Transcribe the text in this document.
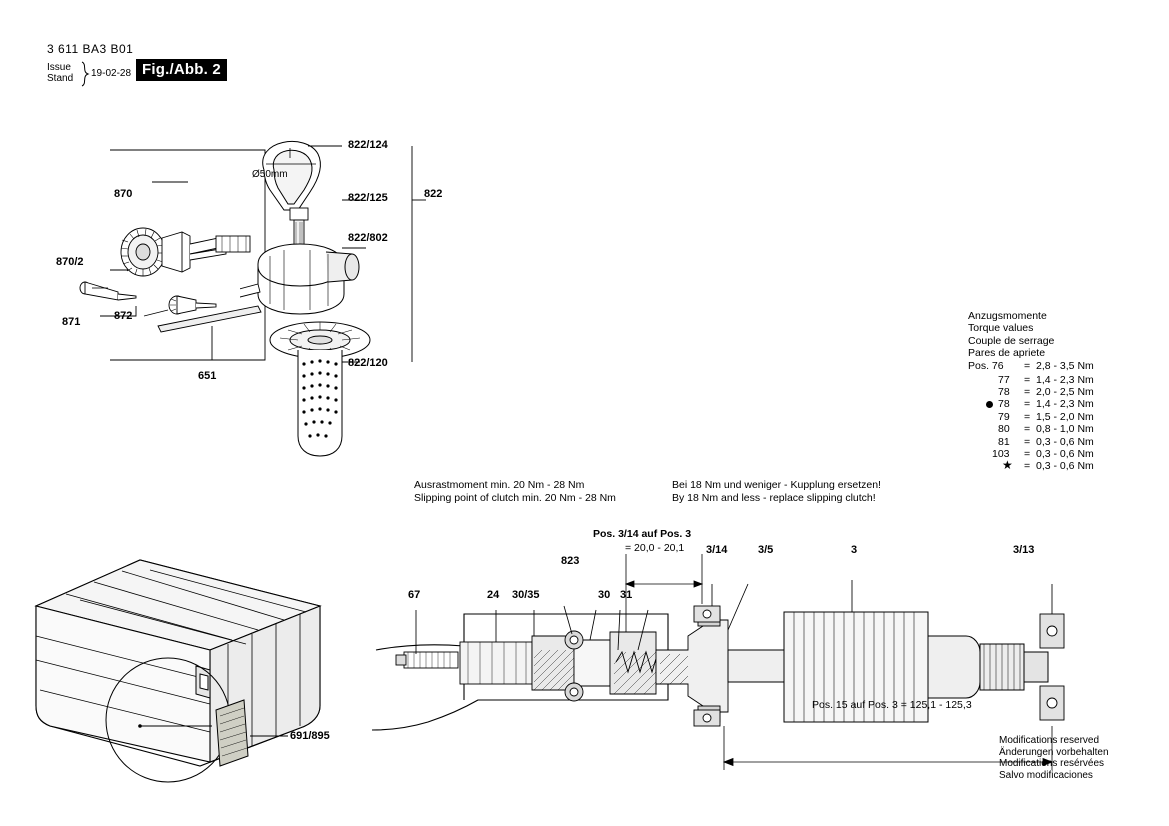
3 611 BA3 B01
Issue
Stand 19-02-28 Fig./Abb. 2
870
870/2
871	872
651
822/124
822/125
822/802
822/120
822
Ø50mm
Anzugsmomente
Torque values
Couple de serrage
Pares de apriete
Pos. 76 = 2,8 - 3,5 Nm
77 = 1,4 - 2,3 Nm
78 = 2,0 - 2,5 Nm
78 = 1,4 - 2,3 Nm
79 = 1,5 - 2,0 Nm
80 = 0,8 - 1,0 Nm
81 = 0,3 - 0,6 Nm
103 = 0,3 - 0,6 Nm
★ = 0,3 - 0,6 Nm
Ausrastmoment min. 20 Nm - 28 Nm
Slipping point of clutch min. 20 Nm - 28 Nm
Bei 18 Nm und weniger - Kupplung ersetzen!
By 18 Nm and less - replace slipping clutch!
691/895
Pos. 3/14 auf Pos. 3
= 20,0 - 20,1
Pos. 15 auf Pos. 3 = 125,1 - 125,3
67	24 30/35
823
30 31
3/14	3/5	3	3/13
Modifications reserved
Änderungen vorbehalten
Modifications resérvées
Salvo modificaciones
